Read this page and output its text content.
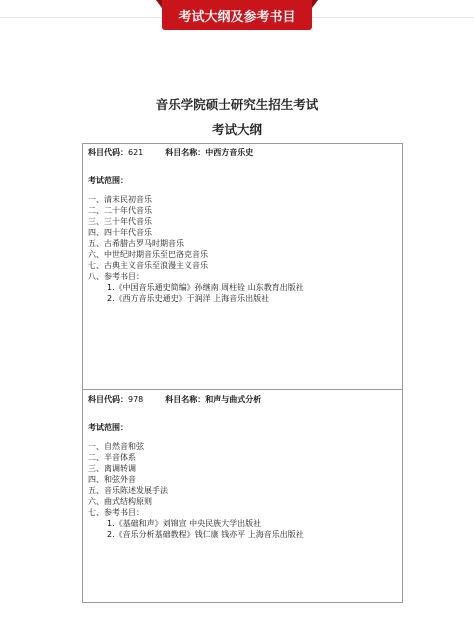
考试大纲及参考书目
音乐学院硕士研究生招生考试
考试大纲
科目代码：621	科目名称：中西方音乐史
考试范围：
一、清末民初音乐
二、二十年代音乐
三、三十年代音乐
四、四十年代音乐
五、古希腊古罗马时期音乐
六、中世纪时期音乐至巴洛克音乐
七、古典主义音乐至浪漫主义音乐
八、参考书目：
1.《中国音乐通史简编》孙继南 周柱铨 山东教育出版社
2.《西方音乐史通史》于润洋 上海音乐出版社
科目代码：978	科目名称：和声与曲式分析
考试范围：
一、自然音和弦
二、半音体系
三、离调转调
四、和弦外音
五、音乐陈述发展手法
六、曲式结构原则
七、参考书目：
1.《基础和声》刘锦宣 中央民族大学出版社
2.《音乐分析基础教程》钱仁康 钱亦平 上海音乐出版社
